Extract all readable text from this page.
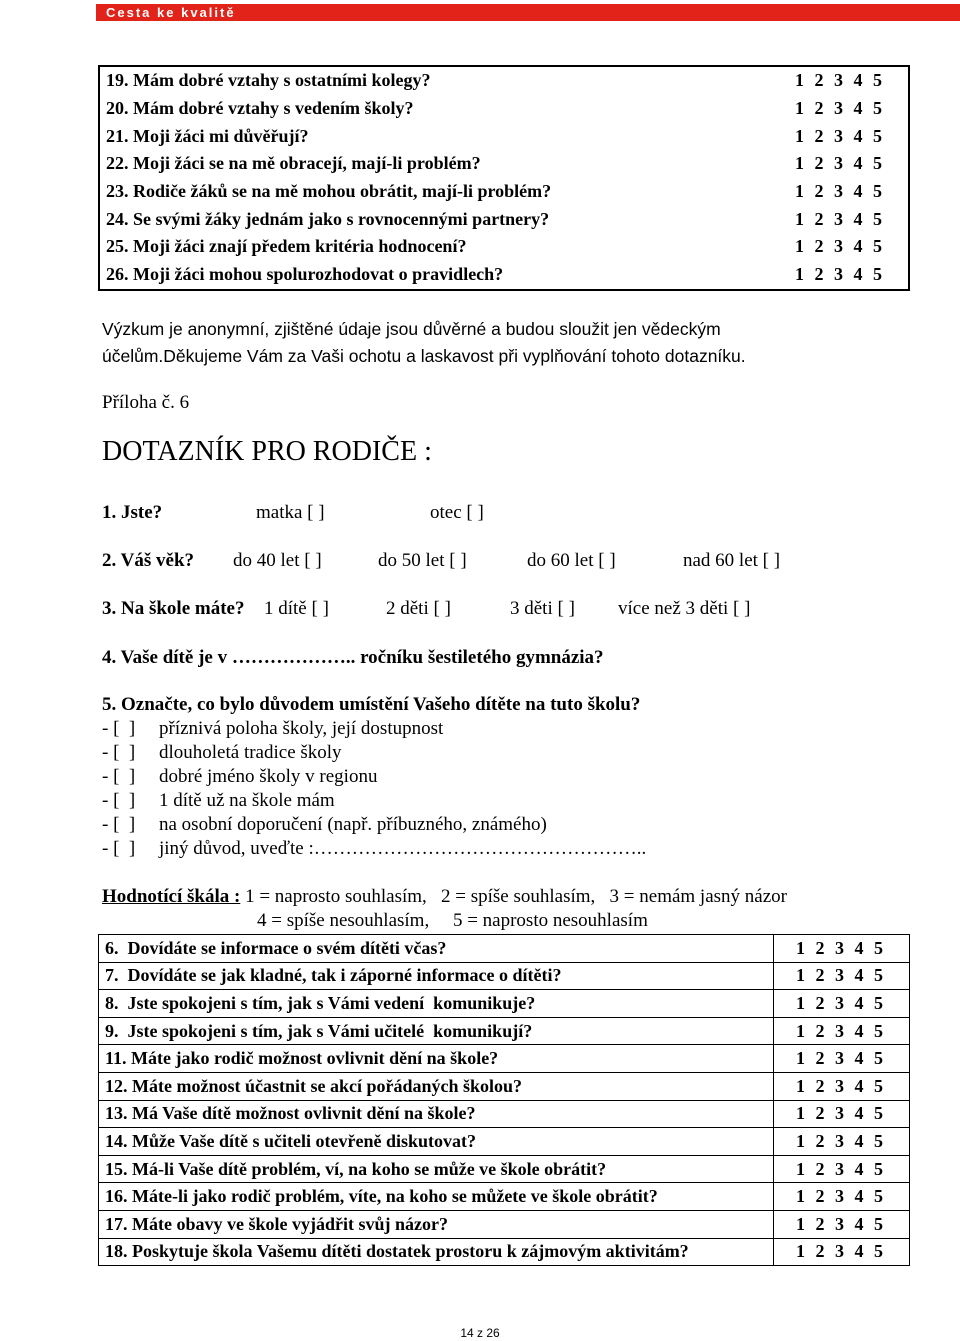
Cesta ke kvalitě
19. Mám dobré vztahy s ostatními kolegy?	1 2 3 4 5
20. Mám dobré vztahy s vedením školy?	1 2 3 4 5
21. Moji žáci mi důvěřují?	1 2 3 4 5
22. Moji žáci se na mě obracejí, mají-li problém?	1 2 3 4 5
23. Rodiče žáků se na mě mohou obrátit, mají-li problém?	1 2 3 4 5
24. Se svými žáky jednám jako s rovnocennými partnery?	1 2 3 4 5
25. Moji žáci znají předem kritéria hodnocení?	1 2 3 4 5
26. Moji žáci mohou spolurozhodovat o pravidlech?	1 2 3 4 5
Výzkum je anonymní, zjištěné údaje jsou důvěrné a budou sloužit jen vědeckým
účelům.Děkujeme Vám za Vaši ochotu a laskavost při vyplňování tohoto dotazníku.
Příloha č. 6
DOTAZNÍK PRO RODIČE :
1. Jste?	matka [ ]	otec [ ]
2. Váš věk? do 40 let [ ]	do 50 let [ ]	do 60 let [ ]	nad 60 let [ ]
3. Na škole máte? 1 dítě [ ]	2 děti [ ]	3 děti [ ] více než 3 děti [ ]
4. Vaše dítě je v ……………….. ročníku šestiletého gymnázia?
5. Označte, co bylo důvodem umístění Vašeho dítěte na tuto školu?
- [  ] příznivá poloha školy, její dostupnost
- [  ] dlouholetá tradice školy
- [  ] dobré jméno školy v regionu
- [  ] 1 dítě už na škole mám
- [  ] na osobní doporučení (např. příbuzného, známého)
- [  ] jiný důvod, uveďte :……………………………………………..
Hodnotící škála : 1 = naprosto souhlasím,   2 = spíše souhlasím,   3 = nemám jasný názor
4 = spíše nesouhlasím,     5 = naprosto nesouhlasím
6.  Dovídáte se informace o svém dítěti včas?	1 2 3 4 5
7.  Dovídáte se jak kladné, tak i záporné informace o dítěti?	1 2 3 4 5
8.  Jste spokojeni s tím, jak s Vámi vedení  komunikuje?	1 2 3 4 5
9.  Jste spokojeni s tím, jak s Vámi učitelé  komunikují?	1 2 3 4 5
11. Máte jako rodič možnost ovlivnit dění na škole?	1 2 3 4 5
12. Máte možnost účastnit se akcí pořádaných školou?	1 2 3 4 5
13. Má Vaše dítě možnost ovlivnit dění na škole?	1 2 3 4 5
14. Může Vaše dítě s učiteli otevřeně diskutovat?	1 2 3 4 5
15. Má-li Vaše dítě problém, ví, na koho se může ve škole obrátit?	1 2 3 4 5
16. Máte-li jako rodič problém, víte, na koho se můžete ve škole obrátit?	1 2 3 4 5
17. Máte obavy ve škole vyjádřit svůj názor?	1 2 3 4 5
18. Poskytuje škola Vašemu dítěti dostatek prostoru k zájmovým aktivitám?	1 2 3 4 5
14 z 26
